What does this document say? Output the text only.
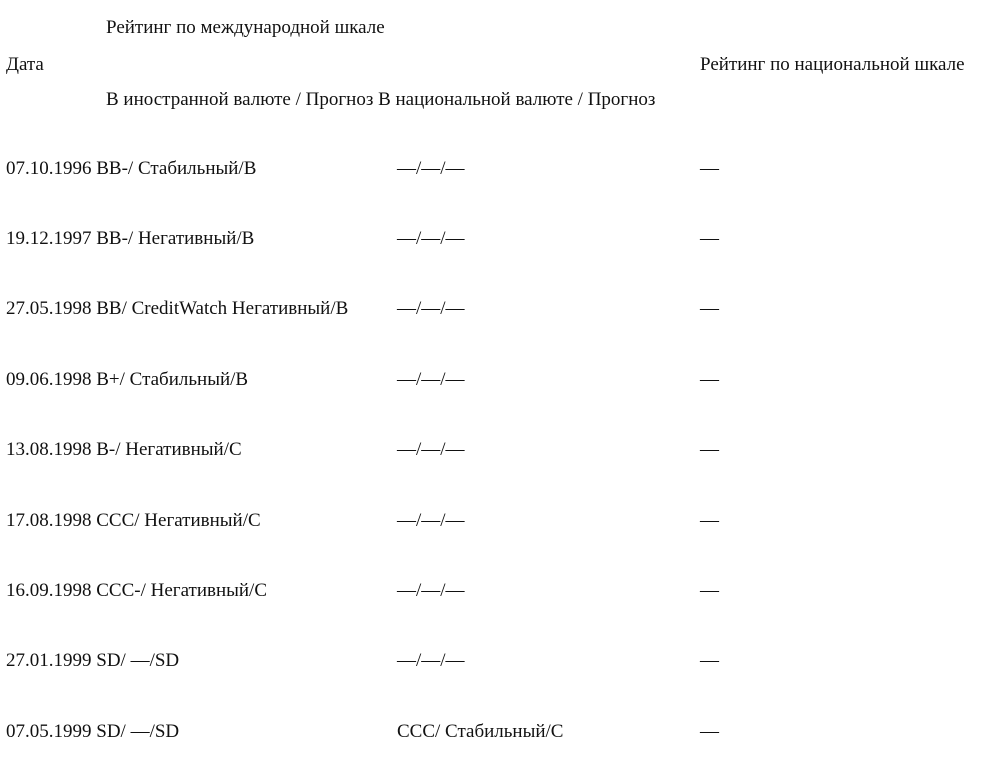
Рейтинг по международной шкале
Дата	Рейтинг по национальной шкале
В иностранной валюте / Прогноз В национальной валюте / Прогноз
07.10.1996 BB-/ Стабильный/B	—/—/—	—
19.12.1997 BB-/ Негативный/B	—/—/—	—
27.05.1998 BB/ CreditWatch Негативный/B	—/—/—	—
09.06.1998 B+/ Стабильный/B	—/—/—	—
13.08.1998 B-/ Негативный/C	—/—/—	—
17.08.1998 CCC/ Негативный/C	—/—/—	—
16.09.1998 CCC-/ Негативный/C	—/—/—	—
27.01.1999 SD/ —/SD	—/—/—	—
07.05.1999 SD/ —/SD	CCC/ Стабильный/C	—
